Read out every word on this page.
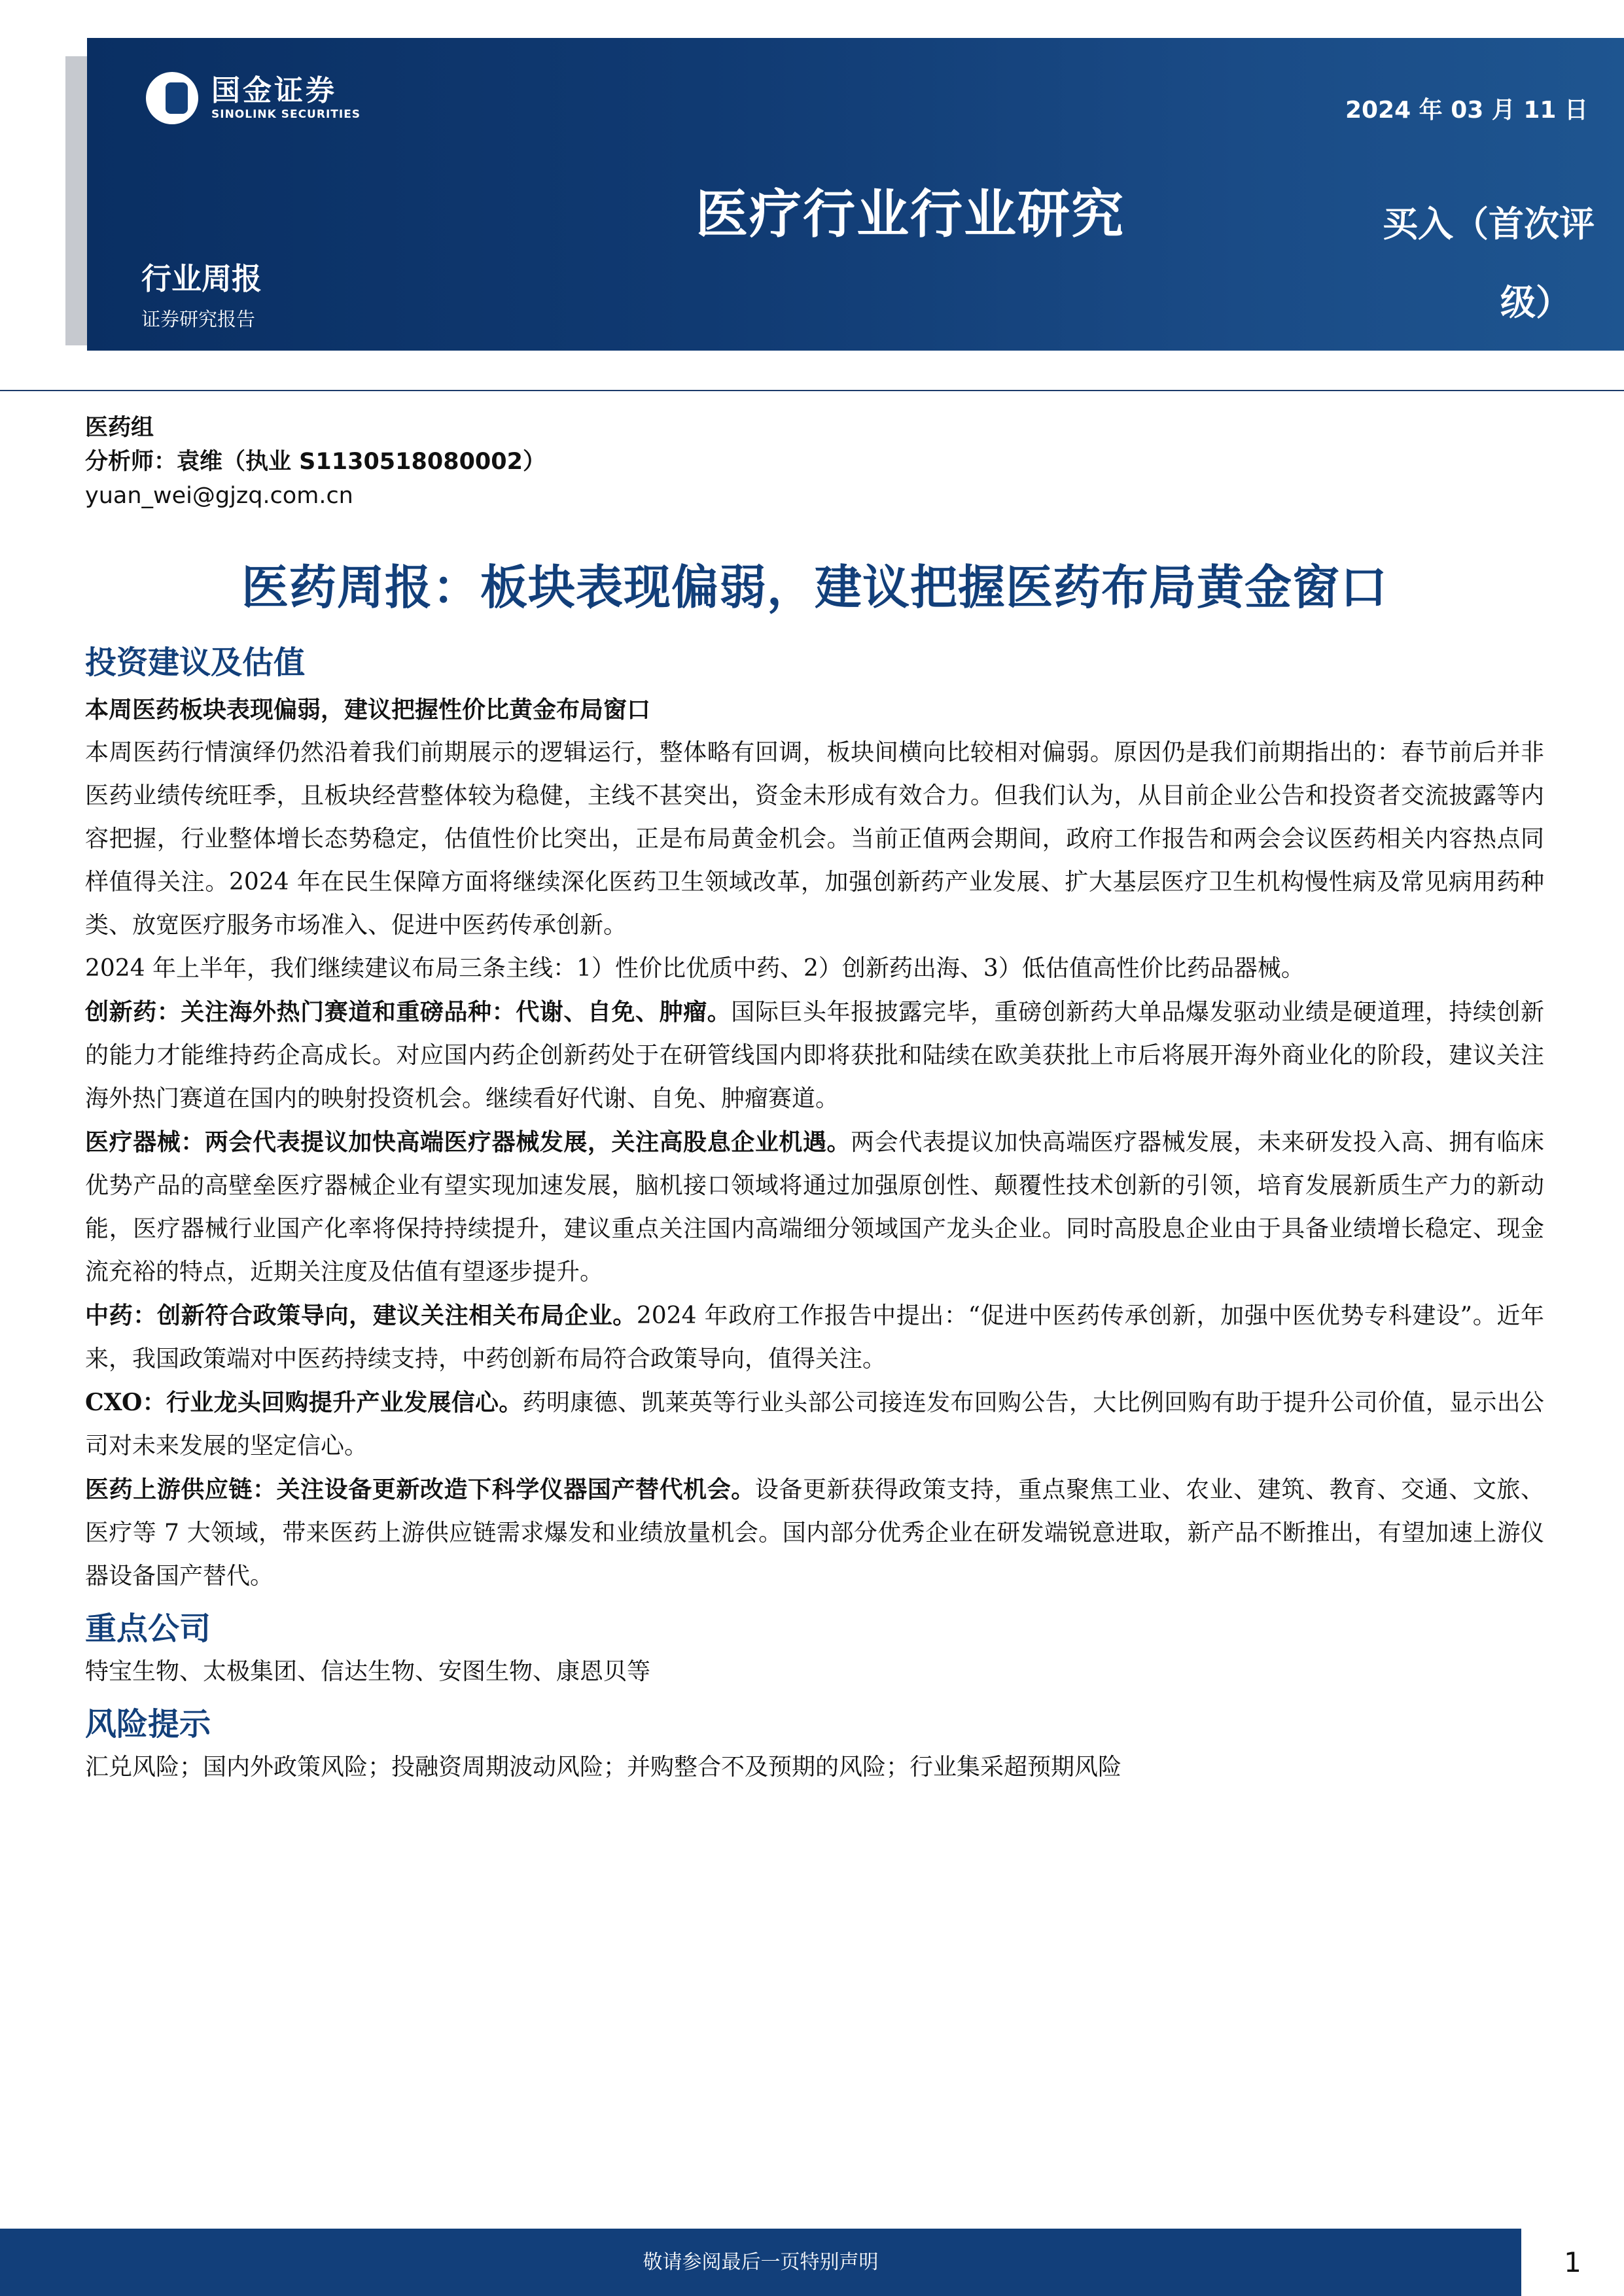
国金证券
SINOLINK SECURITIES	2024 年 03 月 11 日
医疗行业行业研究	买入（首次评
级）
行业周报
证券研究报告
医药组
分析师：袁维（执业 S1130518080002）
yuan_wei@gjzq.com.cn
医药周报：板块表现偏弱，建议把握医药布局黄金窗口
投资建议及估值
本周医药板块表现偏弱，建议把握性价比黄金布局窗口

本周医药行情演绎仍然沿着我们前期展示的逻辑运行，整体略有回调，板块间横向比较相对偏弱。原因仍是我们前期指出的：春节前后并非医药业绩传统旺季，且板块经营整体较为稳健，主线不甚突出，资金未形成有效合力。但我们认为，从目前企业公告和投资者交流披露等内容把握，行业整体增长态势稳定，估值性价比突出，正是布局黄金机会。当前正值两会期间，政府工作报告和两会会议医药相关内容热点同样值得关注。2024 年在民生保障方面将继续深化医药卫生领域改革，加强创新药产业发展、扩大基层医疗卫生机构慢性病及常见病用药种类、放宽医疗服务市场准入、促进中医药传承创新。

2024 年上半年，我们继续建议布局三条主线：1）性价比优质中药、2）创新药出海、3）低估值高性价比药品器械。

创新药：关注海外热门赛道和重磅品种：代谢、自免、肿瘤。国际巨头年报披露完毕，重磅创新药大单品爆发驱动业绩是硬道理，持续创新的能力才能维持药企高成长。对应国内药企创新药处于在研管线国内即将获批和陆续在欧美获批上市后将展开海外商业化的阶段，建议关注海外热门赛道在国内的映射投资机会。继续看好代谢、自免、肿瘤赛道。

医疗器械：两会代表提议加快高端医疗器械发展，关注高股息企业机遇。两会代表提议加快高端医疗器械发展，未来研发投入高、拥有临床优势产品的高壁垒医疗器械企业有望实现加速发展，脑机接口领域将通过加强原创性、颠覆性技术创新的引领，培育发展新质生产力的新动能，医疗器械行业国产化率将保持持续提升，建议重点关注国内高端细分领域国产龙头企业。同时高股息企业由于具备业绩增长稳定、现金流充裕的特点，近期关注度及估值有望逐步提升。

中药：创新符合政策导向，建议关注相关布局企业。2024 年政府工作报告中提出：“促进中医药传承创新，加强中医优势专科建设”。近年来，我国政策端对中医药持续支持，中药创新布局符合政策导向，值得关注。

CXO：行业龙头回购提升产业发展信心。药明康德、凯莱英等行业头部公司接连发布回购公告，大比例回购有助于提升公司价值，显示出公司对未来发展的坚定信心。

医药上游供应链：关注设备更新改造下科学仪器国产替代机会。设备更新获得政策支持，重点聚焦工业、农业、建筑、教育、交通、文旅、医疗等 7 大领域，带来医药上游供应链需求爆发和业绩放量机会。国内部分优秀企业在研发端锐意进取，新产品不断推出，有望加速上游仪器设备国产替代。

重点公司

特宝生物、太极集团、信达生物、安图生物、康恩贝等

风险提示

汇兑风险；国内外政策风险；投融资周期波动风险；并购整合不及预期的风险；行业集采超预期风险

敬请参阅最后一页特别声明	1
